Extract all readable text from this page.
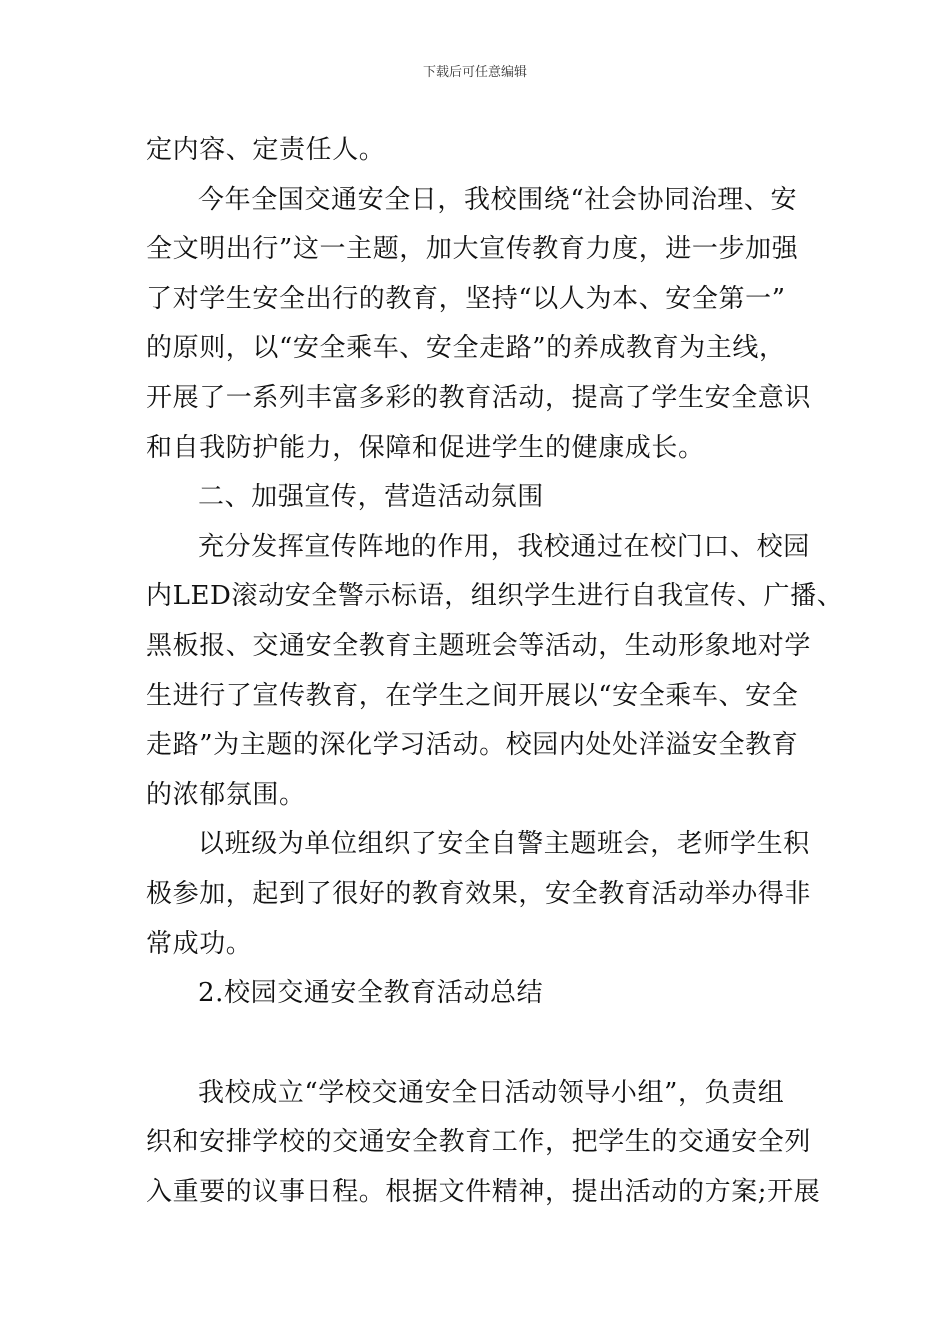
下载后可任意编辑
定内容、定责任人。
今年全国交通安全日，我校围绕“社会协同治理、安
全文明出行”这一主题，加大宣传教育力度，进一步加强
了对学生安全出行的教育，坚持“以人为本、安全第一”
的原则，以“安全乘车、安全走路”的养成教育为主线，
开展了一系列丰富多彩的教育活动，提高了学生安全意识
和自我防护能力，保障和促进学生的健康成长。
二、加强宣传，营造活动氛围
充分发挥宣传阵地的作用，我校通过在校门口、校园
内LED滚动安全警示标语，组织学生进行自我宣传、广播、
黑板报、交通安全教育主题班会等活动，生动形象地对学
生进行了宣传教育，在学生之间开展以“安全乘车、安全
走路”为主题的深化学习活动。校园内处处洋溢安全教育
的浓郁氛围。
以班级为单位组织了安全自警主题班会，老师学生积
极参加，起到了很好的教育效果，安全教育活动举办得非
常成功。
2.校园交通安全教育活动总结
我校成立“学校交通安全日活动领导小组”，负责组
织和安排学校的交通安全教育工作，把学生的交通安全列
入重要的议事日程。根据文件精神，提出活动的方案;开展
